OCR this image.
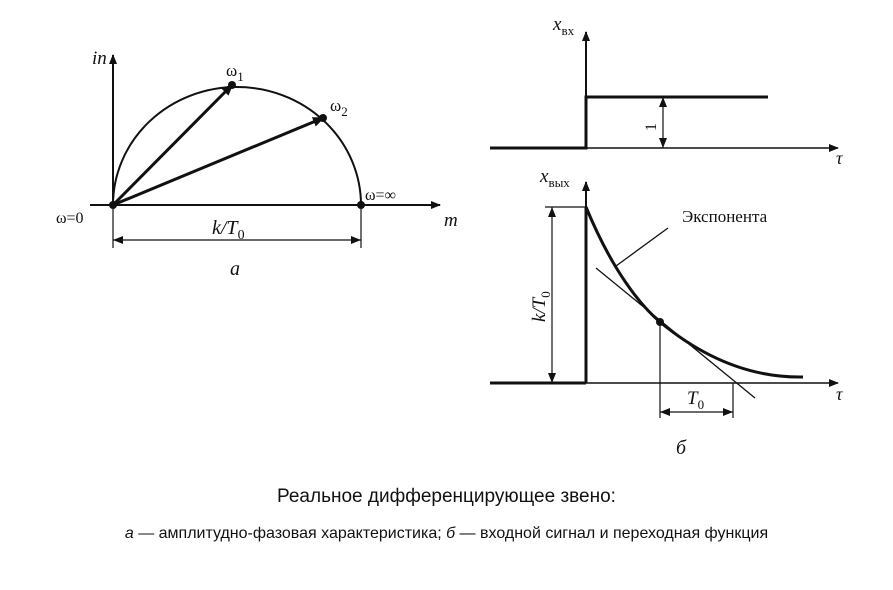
in
m
$\omega_1$
$\omega_2$
ω=0
ω=∞
$k/T_0$
а
$x_{вх}$
τ
1
$x_{вых}$
τ
$k/T_0$
Экспонента
$T_0$
б
Реальное дифференцирующее звено:
а — амплитудно-фазовая характеристика; б — входной сигнал и переходная функция
